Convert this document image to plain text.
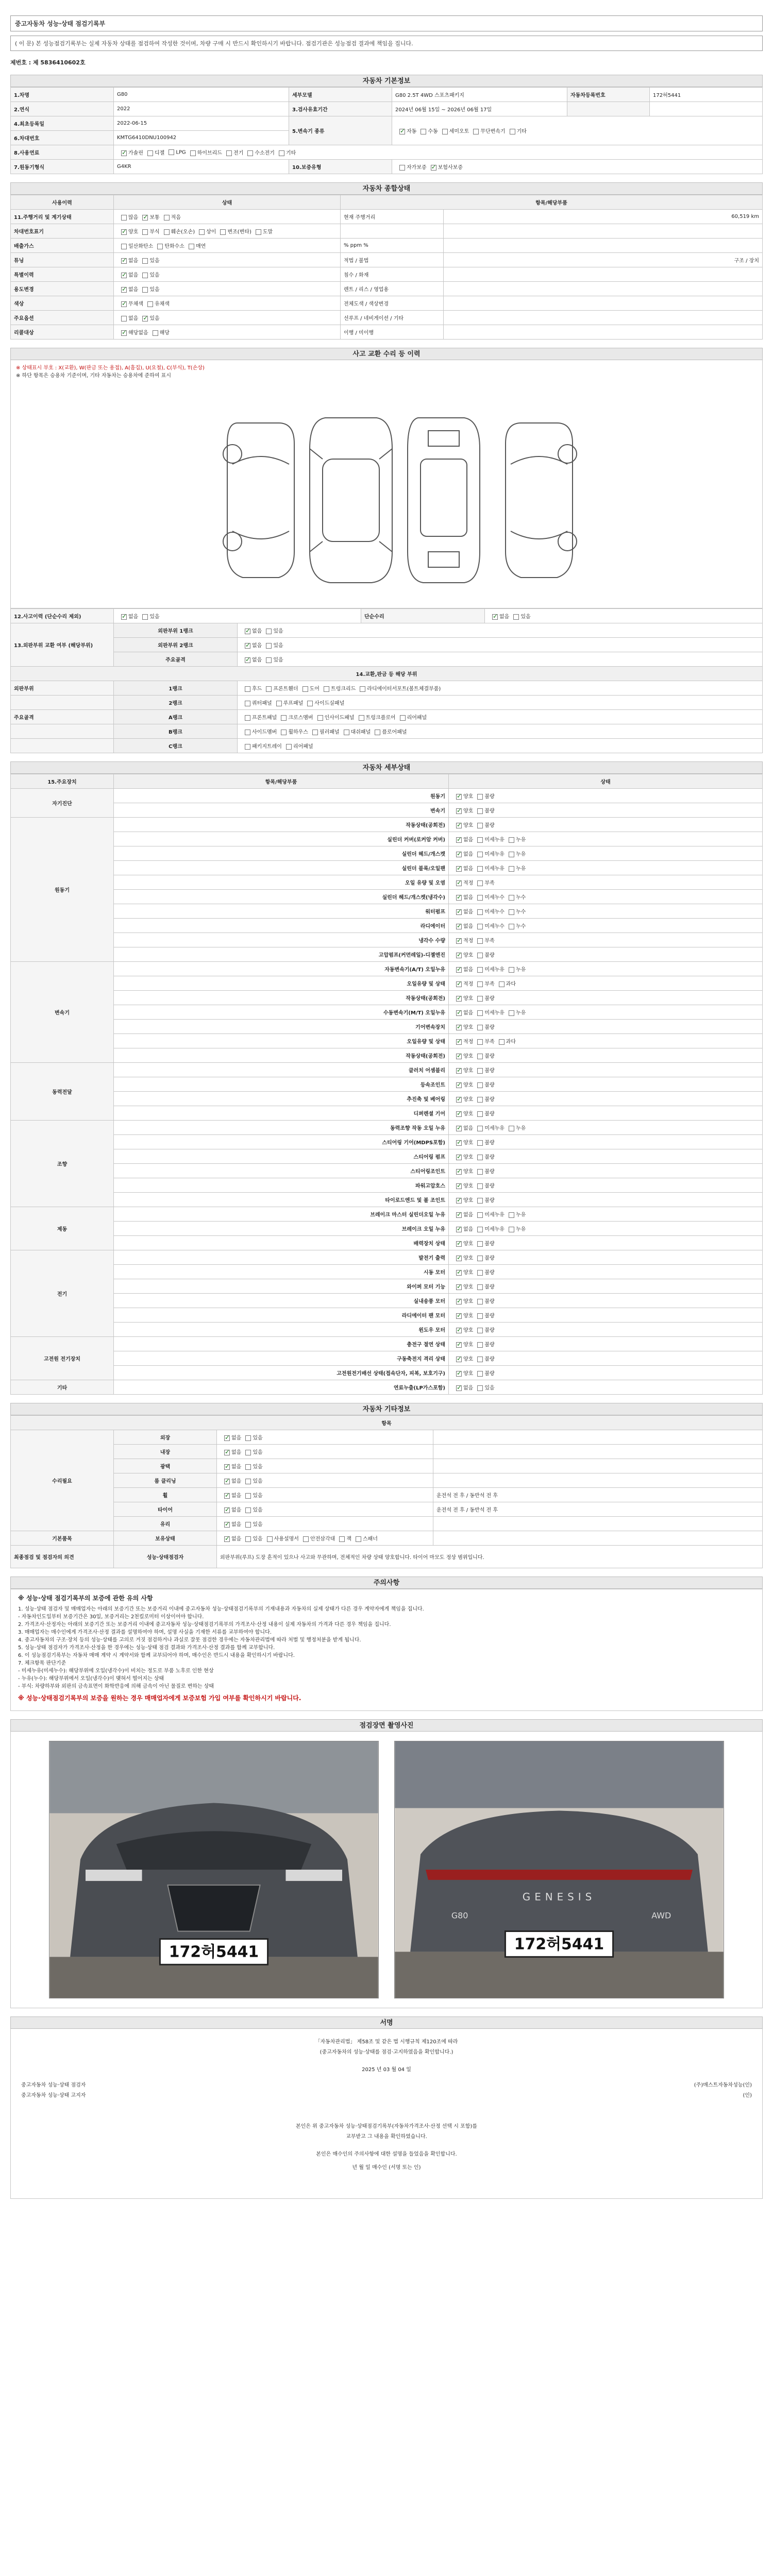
중고자동차 성능·상태 점검기록부
( 이 문) 본 성능점검기록부는 실제 자동차 상태를 점검하여 작성한 것이며, 차량 구매 시 반드시 확인하시기 바랍니다. 점검기관은 성능점검 결과에 책임을 집니다.
제번호 : 제 5836410602호
자동차 기본정보
1.차명	G80	세부모델	G80 2.5T 4WD 스포츠패키지	자동차등록번호	172허5441
2.연식	2022	3.검사유효기간	2024년 06월 15일 ~ 2026년 06월 17일		
4.최초등록일	2022-06-15	5.변속기 종류	✓자동 수동 세미오토 무단변속기 기타
6.차대번호	KMTG6410DNU100942				
8.사용연료	✓가솔린 디젤 LPG 하이브리드 전기 수소전기 기타
7.원동기형식	G4KR	10.보증유형	자가보증 ✓ 보험사보증
자동차 종합상태
사용이력	상태	항목/해당부품	
11.주행거리 및 계기상태	많음 ✓ 보통 적음	현재 주행거리	60,519 km
차대번호표기	✓양호 부식 훼손(오손) 상이 변조(변타) 도말		
배출가스	일산화탄소 탄화수소 매연	% ppm %	
튜닝	✓없음 있음	적법 / 불법	구조 / 장치
특별이력	✓없음 있음	침수 / 화재	
용도변경	✓없음 있음	렌트 / 리스 / 영업용	
색상	✓무채색 유채색	전체도색 / 색상변경	
주요옵션	없음 ✓ 있음	선루프 / 네비게이션 / 기타	
리콜대상	✓해당없음 해당	이행 / 미이행	
사고 교환 수리 등 이력
※ 상태표시 부호 : X(교환), W(판금 또는 용접), A(흠집), U(요철), C(부식), T(손상)
※ 하단 항목은 승용차 기준이며, 기타 자동차는 승용차에 준하여 표시
12.사고이력 (단순수리 제외)	✓없음 있음		단순수리	✓없음 있음
13.외판부위 교환 여부 (해당부위)	외판부위 1랭크	✓없음 있음
	외판부위 2랭크	✓없음 있음
	주요골격	✓없음 있음
14.교환,판금 등 해당 부위				
외판부위	1랭크	후드 프론트휀더 도어 트렁크리드 라디에이터서포트(볼트체결부품)		
	2랭크	쿼터패널 루프패널 사이드실패널		
주요골격	A랭크	프론트패널 크로스멤버 인사이드패널 트렁크플로어 리어패널		
	B랭크	사이드멤버 휠하우스 필러패널 대쉬패널 플로어패널		
	C랭크	패키지트레이 리어패널		
자동차 세부상태
15.주요장치	항목/해당부품	상태
자기진단	원동기	✓양호 불량
	변속기	✓양호 불량
원동기	작동상태(공회전)	✓양호 불량
	실린더 커버(로커암 커버)	✓없음 미세누유 누유
	실린더 헤드/개스켓	✓없음 미세누유 누유
	실린더 블록/오일팬	✓없음 미세누유 누유
	오일 유량 및 오염	✓적정 부족
	실린더 헤드/개스켓(냉각수)	✓없음 미세누수 누수
	워터펌프	✓없음 미세누수 누수
	라디에이터	✓없음 미세누수 누수
	냉각수 수량	✓적정 부족
	고압펌프(커먼레일)-디젤엔진	✓양호 불량
변속기	자동변속기(A/T) 오일누유	✓없음 미세누유 누유
	오일유량 및 상태	✓적정 부족 과다
	작동상태(공회전)	✓양호 불량
	수동변속기(M/T) 오일누유	✓없음 미세누유 누유
	기어변속장치	✓양호 불량
	오일유량 및 상태	✓적정 부족 과다
	작동상태(공회전)	✓양호 불량
동력전달	클러치 어셈블리	✓양호 불량
	등속조인트	✓양호 불량
	추진축 및 베어링	✓양호 불량
	디퍼렌셜 기어	✓양호 불량
조향	동력조향 작동 오일 누유	✓없음 미세누유 누유
	스티어링 기어(MDPS포함)	✓양호 불량
	스티어링 펌프	✓양호 불량
	스티어링조인트	✓양호 불량
	파워고압호스	✓양호 불량
	타이로드엔드 및 볼 조인트	✓양호 불량
제동	브레이크 마스터 실린더오일 누유	✓없음 미세누유 누유
	브레이크 오일 누유	✓없음 미세누유 누유
	배력장치 상태	✓양호 불량
전기	발전기 출력	✓양호 불량
	시동 모터	✓양호 불량
	와이퍼 모터 기능	✓양호 불량
	실내송풍 모터	✓양호 불량
	라디에이터 팬 모터	✓양호 불량
	윈도우 모터	✓양호 불량
고전원 전기장치	충전구 절연 상태	✓양호 불량
	구동축전지 격리 상태	✓양호 불량
	고전원전기배선 상태(접속단자, 피복, 보호기구)	✓양호 불량
기타	연료누출(LP가스포함)	✓없음 있음
자동차 기타정보
항목			
수리필요	외장	✓없음 있음	
	내장	✓없음 있음	
	광택	✓없음 있음	
	룸 클리닝	✓없음 있음	
	휠	✓없음 있음	운전석 전 후 / 동반석 전 후
	타이어	✓없음 있음	운전석 전 후 / 동반석 전 후
	유리	✓없음 있음	
기본품목	보유상태	✓없음 있음 사용설명서 안전삼각대 잭 스패너	
최종점검 및 점검자의 의견	성능·상태점검자	외판부위(루프) 도장 흔적이 있으나 사고와 무관하며, 전체적인 차량 상태 양호합니다. 타이어 마모도 정상 범위입니다.	
주의사항
※ 성능·상태 점검기록부의 보증에 관한 유의 사항
1. 성능·상태 점검자 및 매매업자는 아래의 보증기간 또는 보증거리 이내에 중고자동차 성능·상태점검기록부의 기재내용과 자동차의 실제 상태가 다른 경우 계약자에게 책임을 집니다.
- 자동차인도일부터 보증기간은 30일, 보증거리는 2천킬로미터 이상이어야 합니다.
2. 가격조사·산정자는 아래의 보증기간 또는 보증거리 이내에 중고자동차 성능·상태점검기록부의 가격조사·산정 내용이 실제 자동차의 가격과 다른 경우 책임을 집니다.
3. 매매업자는 매수인에게 가격조사·산정 결과를 설명하여야 하며, 설명 사실을 기재한 서류를 교부하여야 합니다.
4. 중고자동차의 구조·장치 등의 성능·상태를 고의로 거짓 점검하거나 과실로 잘못 점검한 경우에는 자동차관리법에 따라 처벌 및 행정처분을 받게 됩니다.
5. 성능·상태 점검자가 가격조사·산정을 한 경우에는 성능·상태 점검 결과와 가격조사·산정 결과를 함께 교부합니다.
6. 이 성능점검기록부는 자동차 매매 계약 시 계약서와 함께 교부되어야 하며, 매수인은 반드시 내용을 확인하시기 바랍니다.
7. 체크항목 판단기준
- 미세누유(미세누수): 해당부위에 오일(냉각수)이 비치는 정도로 부품 노후로 인한 현상
- 누유(누수): 해당부위에서 오일(냉각수)이 맺혀서 떨어지는 상태
- 부식: 차량하부와 외판의 금속표면이 화학반응에 의해 금속이 아닌 물질로 변하는 상태
※ 성능·상태점검기록부의 보증을 원하는 경우 매매업자에게 보증보험 가입 여부를 확인하시기 바랍니다.
점검장면 촬영사진
172허5441
GENESIS
G80	AWD
172허5441
서명
「자동차관리법」 제58조 및 같은 법 시행규칙 제120조에 따라
(중고자동차의 성능·상태를 점검·고지하였음을 확인합니다.)
2025 년 03 월 04 일
중고자동차 성능·상태 점검자	(주)매스트자동차성능(인)
중고자동차 성능·상태 고지자	(인)
본인은 위 중고자동차 성능·상태점검기록부(자동차가격조사·산정 선택 시 포함)를
교부받고 그 내용을 확인하였습니다.
본인은 매수인의 주의사항에 대한 설명을 들었음을 확인합니다.
년 월 일 매수인 (서명 또는 인)
